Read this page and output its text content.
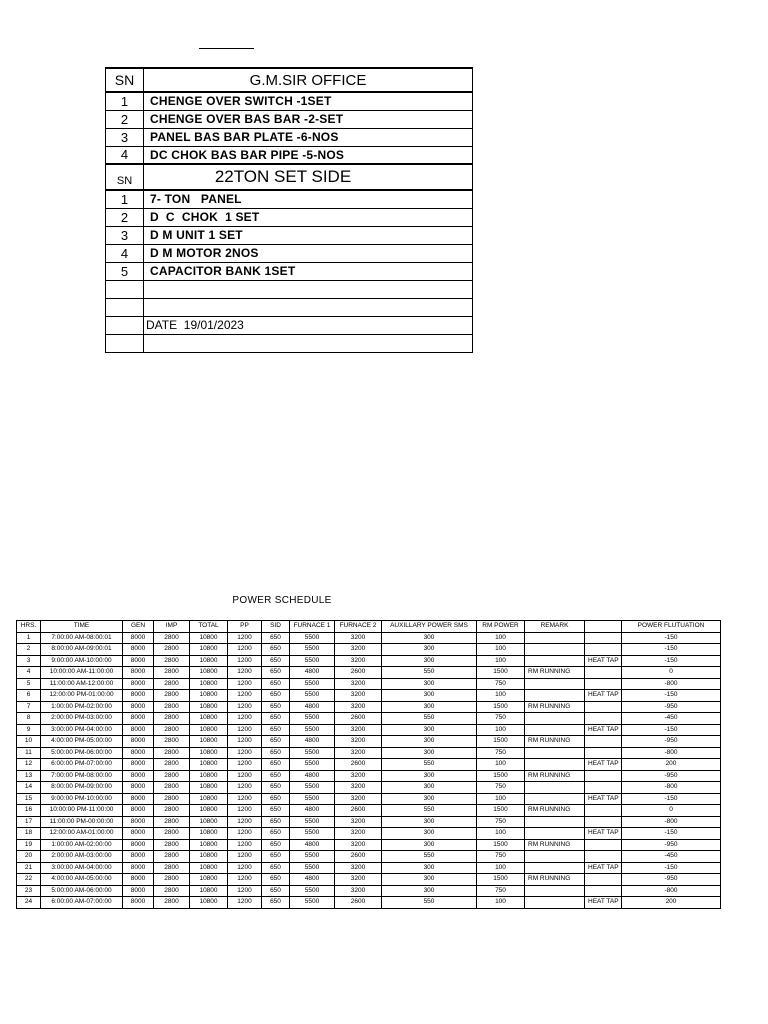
SN	G.M.SIR OFFICE
1	CHENGE OVER SWITCH -1SET
2	CHENGE OVER BAS BAR -2-SET
3	PANEL BAS BAR PLATE -6-NOS
4	DC CHOK BAS BAR PIPE -5-NOS
SN	22TON SET SIDE
1	7- TON   PANEL
2	D  C  CHOK  1 SET
3	D M UNIT 1 SET
4	D M MOTOR 2NOS
5	CAPACITOR BANK 1SET

	DATE  19/01/2023

POWER SCHEDULE
HRS.	TIME	GEN	IMP	TOTAL	PP	SID	FURNACE 1	FURNACE 2	AUXILLARY POWER SMS	RM POWER	REMARK		POWER FLUTUATION
1	7:00:00 AM-08:00:01	8000	2800	10800	1200	650	5500	3200	300	100			-150
2	8:00:00 AM-09:00:01	8000	2800	10800	1200	650	5500	3200	300	100			-150
3	9:00:00 AM-10:00:00	8000	2800	10800	1200	650	5500	3200	300	100		HEAT TAP	-150
4	10:00:00 AM-11:00:00	8000	2800	10800	1200	650	4800	2600	550	1500	RM RUNNING		0
5	11:00:00 AM-12:00:00	8000	2800	10800	1200	650	5500	3200	300	750			-800
6	12:00:00 PM-01:00:00	8000	2800	10800	1200	650	5500	3200	300	100		HEAT TAP	-150
7	1:00:00 PM-02:00:00	8000	2800	10800	1200	650	4800	3200	300	1500	RM RUNNING		-950
8	2:00:00 PM-03:00:00	8000	2800	10800	1200	650	5500	2600	550	750			-450
9	3:00:00 PM-04:00:00	8000	2800	10800	1200	650	5500	3200	300	100		HEAT TAP	-150
10	4:00:00 PM-05:00:00	8000	2800	10800	1200	650	4800	3200	300	1500	RM RUNNING		-950
11	5:00:00 PM-06:00:00	8000	2800	10800	1200	650	5500	3200	300	750			-800
12	6:00:00 PM-07:00:00	8000	2800	10800	1200	650	5500	2600	550	100		HEAT TAP	200
13	7:00:00 PM-08:00:00	8000	2800	10800	1200	650	4800	3200	300	1500	RM RUNNING		-950
14	8:00:00 PM-09:00:00	8000	2800	10800	1200	650	5500	3200	300	750			-800
15	9:00:00 PM-10:00:00	8000	2800	10800	1200	650	5500	3200	300	100		HEAT TAP	-150
16	10:00:00 PM-11:00:00	8000	2800	10800	1200	650	4800	2600	550	1500	RM RUNNING		0
17	11:00:00 PM-00:00:00	8000	2800	10800	1200	650	5500	3200	300	750			-800
18	12:00:00 AM-01:00:00	8000	2800	10800	1200	650	5500	3200	300	100		HEAT TAP	-150
19	1:00:00 AM-02:00:00	8000	2800	10800	1200	650	4800	3200	300	1500	RM RUNNING		-950
20	2:00:00 AM-03:00:00	8000	2800	10800	1200	650	5500	2600	550	750			-450
21	3:00:00 AM-04:00:00	8000	2800	10800	1200	650	5500	3200	300	100		HEAT TAP	-150
22	4:00:00 AM-05:00:00	8000	2800	10800	1200	650	4800	3200	300	1500	RM RUNNING		-950
23	5:00:00 AM-06:00:00	8000	2800	10800	1200	650	5500	3200	300	750			-800
24	6:00:00 AM-07:00:00	8000	2800	10800	1200	650	5500	2600	550	100		HEAT TAP	200
